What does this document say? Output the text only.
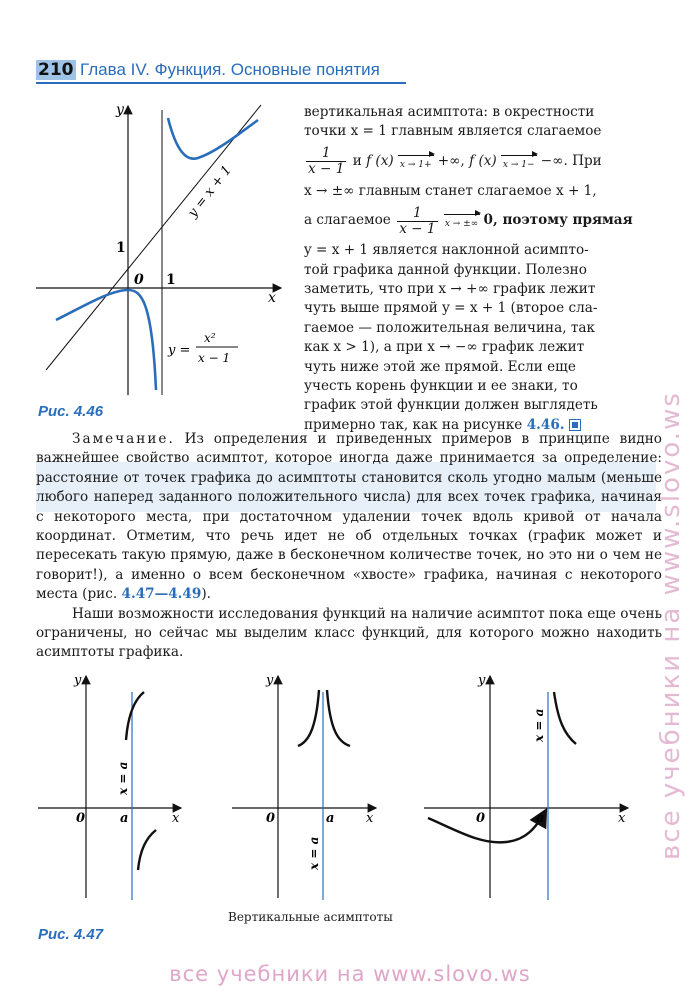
210 Глава IV. Функция. Основные понятия
y
x
0
1
1
y = x + 1
y =
x²
x − 1
Рис. 4.46
вертикальная асимптота: в окрестности
точки x = 1 главным является слагаемое
$\frac{1}{x - 1}$
и
f (x) x → 1+ +∞,
f (x) x → 1− −∞. При
x → ±∞ главным станет слагаемое x + 1,
а слагаемое
$\frac{1}{x - 1}$ x → ±∞ 0, поэтому прямая
y = x + 1 является наклонной асимпто-
той графика данной функции. Полезно
заметить, что при x → +∞ график лежит
чуть выше прямой y = x + 1 (второе сла-
гаемое — положительная величина, так
как x > 1), а при x → −∞ график лежит
чуть ниже этой же прямой. Если еще
учесть корень функции и ее знаки, то
график этой функции должен выглядеть
примерно так, как на рисунке 4.46.

Замечание. Из определения и приведенных примеров в принципе видно важнейшее свойство асимптот, которое иногда даже принимается за определение: расстояние от точек графика до асимптоты становится сколь угодно малым (меньше любого наперед заданного положительного числа) для всех точек графика, начиная с некоторого места, при достаточном удалении точек вдоль кривой от начала координат. Отметим, что речь идет не об отдельных точках (график может и пересекать такую прямую, даже в бесконечном количестве точек, но это ни о чем не говорит!), а именно о всем бесконечном «хвосте» графика, начиная с некоторого места (рис. 4.47—4.49).

Наши возможности исследования функций на наличие асимптот пока еще очень ограничены, но сейчас мы выделим класс функций, для которого можно находить асимптоты графика.

y
x
0	a
x = a
y
x
0	a
x = a
y
x
0	a
x = a
Вертикальные асимптоты
Рис. 4.47
все учебники на www.slovo.ws
все учебники на www.slovo.ws
